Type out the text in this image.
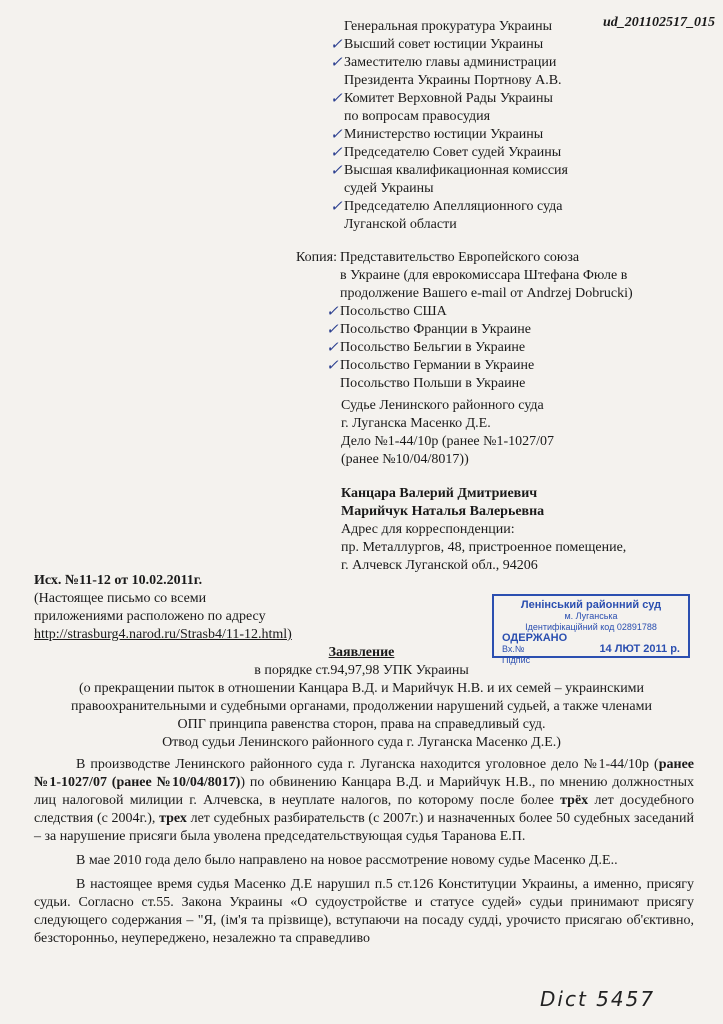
ud_201102517_015
Генеральная прокуратура Украины
✓ Высший совет юстиции Украины
✓ Заместителю главы администрации
Президента Украины Портнову А.В.
✓ Комитет Верховной Рады Украины
по вопросам правосудия
✓ Министерство юстиции Украины
✓ Председателю Совет судей Украины
✓ Высшая квалификационная комиссия
судей Украины
✓ Председателю Апелляционного суда
Луганской области
Копия: Представительство Европейского союза
в Украине (для еврокомиссара Штефана Фюле в
продолжение Вашего e-mail от Andrzej Dobrucki)
✓ Посольство США
✓ Посольство Франции в Украине
✓ Посольство Бельгии в Украине
✓ Посольство Германии в Украине
Посольство Польши в Украине
Судье Ленинского районного суда
г. Луганска Масенко Д.Е.
Дело №1-44/10р (ранее №1-1027/07
(ранее №10/04/8017))
Канцара Валерий Дмитриевич
Марийчук Наталья Валерьевна
Адрес для корреспонденции:
пр. Металлургов, 48, пристроенное помещение,
г. Алчевск Луганской обл., 94206
Исх. №11-12 от 10.02.2011г.
(Настоящее письмо со всеми
приложениями расположено по адресу
http://strasburg4.narod.ru/Strasb4/11-12.html)
Ленінський районний суд
м. Луганська
Ідентифікаційний код 02891788
ОДЕРЖАНО
Вх.№	14 ЛЮТ 2011 р.
Підпис
Заявление
в порядке ст.94,97,98 УПК Украины
(о прекращении пыток в отношении Канцара В.Д. и Марийчук Н.В. и их семей – украинскими
правоохранительными и судебными органами, продолжении нарушений судьей, а также членами
ОПГ принципа равенства сторон, права на справедливый суд.
Отвод судьи Ленинского районного суда г. Луганска Масенко Д.Е.)

В производстве Ленинского районного суда г. Луганска находится уголовное дело №1-44/10р (ранее №1-1027/07 (ранее №10/04/8017)) по обвинению Канцара В.Д. и Марийчук Н.В., по мнению должностных лиц налоговой милиции г. Алчевска, в неуплате налогов, по которому после более трёх лет досудебного следствия (с 2004г.), трех лет судебных разбирательств (с 2007г.) и назначенных более 50 судебных заседаний – за нарушение присяги была уволена председательствующая судья Таранова Е.П.

В мае 2010 года дело было направлено на новое рассмотрение новому судье Масенко Д.Е..

В настоящее время судья Масенко Д.Е нарушил п.5 ст.126 Конституции Украины, а именно, присягу судьи. Согласно ст.55. Закона Украины «О судоустройстве и статусе судей» судьи принимают присягу следующего содержания – "Я, (ім'я та прізвище), вступаючи на посаду судді, урочисто присягаю об'єктивно, безсторонньо, неупереджено, незалежно та справедливо

Dict 5457
